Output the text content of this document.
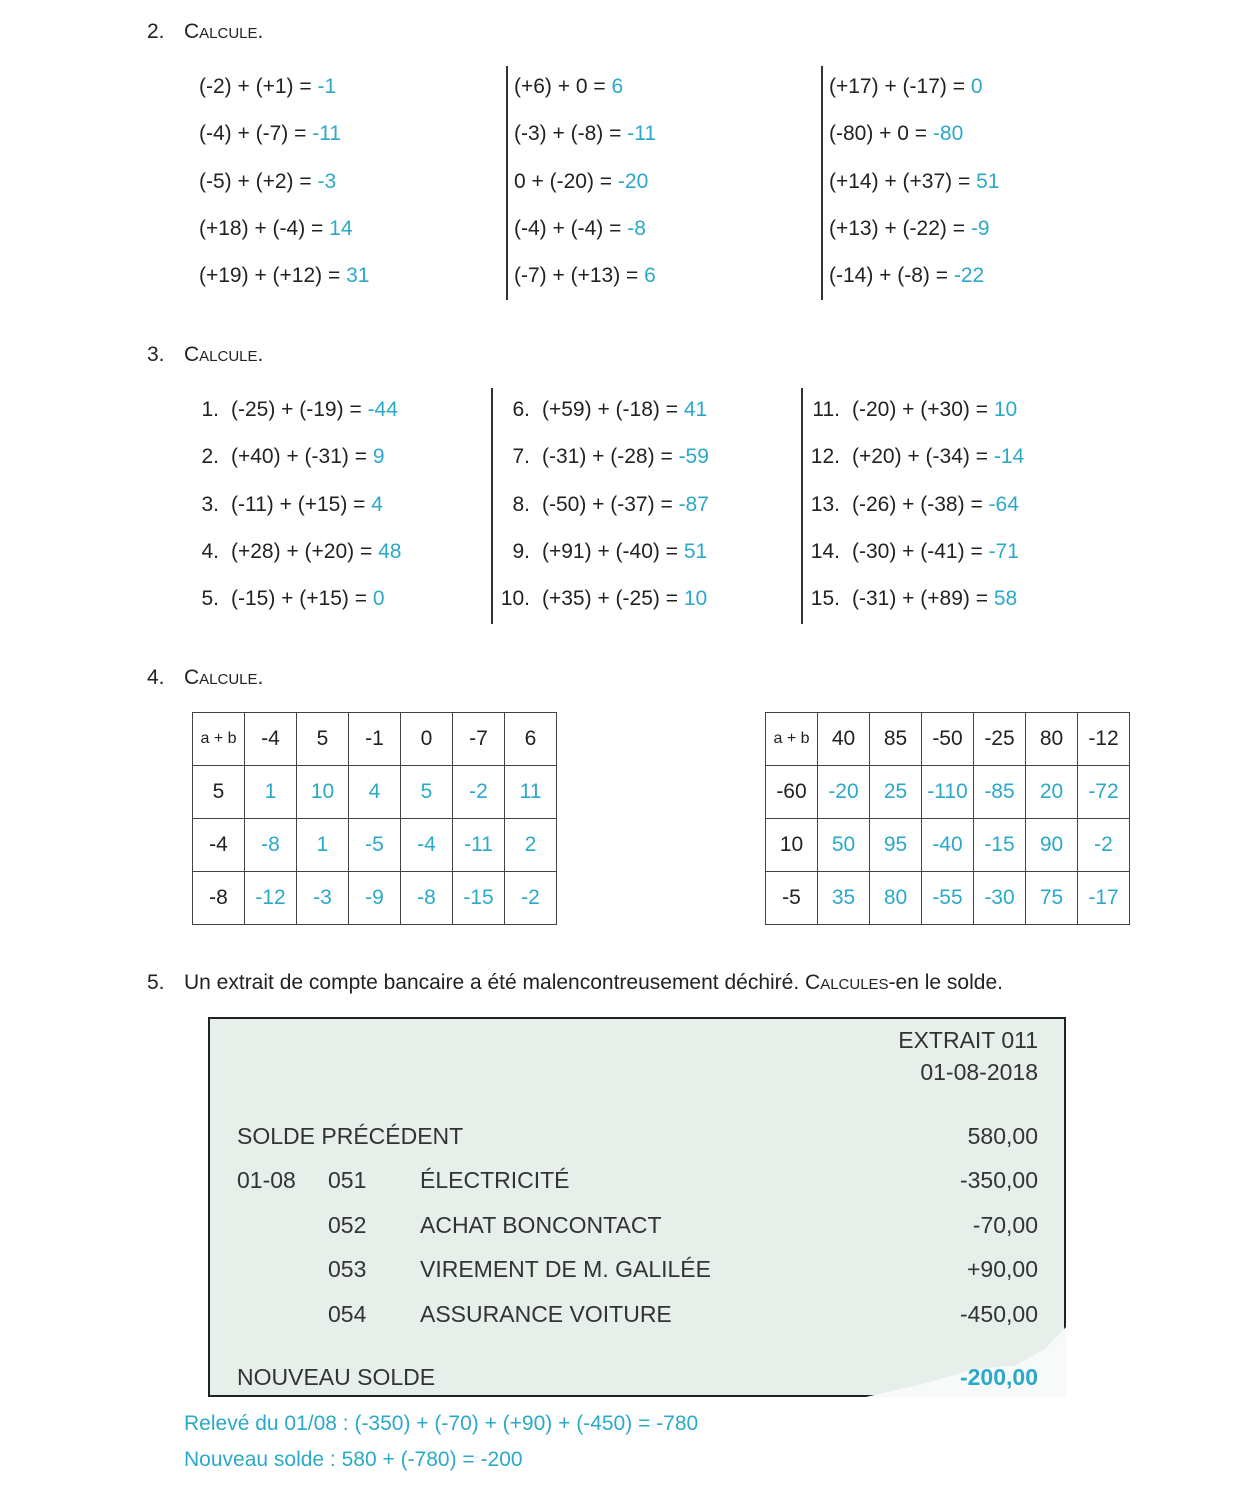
2. Calcule.
(-2) + (+1) = -1
(-4) + (-7) = -11
(-5) + (+2) = -3
(+18) + (-4) = 14
(+19) + (+12) = 31
(+6) + 0 = 6
(-3) + (-8) = -11
0 + (-20) = -20
(-4) + (-4) = -8
(-7) + (+13) = 6
(+17) + (-17) = 0
(-80) + 0 = -80
(+14) + (+37) = 51
(+13) + (-22) = -9
(-14) + (-8) = -22
3. Calcule.
1. (-25) + (-19) = -44
2. (+40) + (-31) = 9
3. (-11) + (+15) = 4
4. (+28) + (+20) = 48
5. (-15) + (+15) = 0
6. (+59) + (-18) = 41
7. (-31) + (-28) = -59
8. (-50) + (-37) = -87
9. (+91) + (-40) = 51
10. (+35) + (-25) = 10
11. (-20) + (+30) = 10
12. (+20) + (-34) = -14
13. (-26) + (-38) = -64
14. (-30) + (-41) = -71
15. (-31) + (+89) = 58
4. Calcule.
a + b	-4	5	-1	0	-7	6
5	1	10	4	5	-2	11
-4	-8	1	-5	-4	-11	2
-8	-12	-3	-9	-8	-15	-2
a + b	40	85	-50	-25	80	-12
-60	-20	25	-110	-85	20	-72
10	50	95	-40	-15	90	-2
-5	35	80	-55	-30	75	-17
5. Un extrait de compte bancaire a été malencontreusement déchiré. Calcules-en le solde.
EXTRAIT 011
01-08-2018
SOLDE PRÉCÉDENT	580,00
01-08 051 ÉLECTRICITÉ	-350,00
052 ACHAT BONCONTACT	-70,00
053 VIREMENT DE M. GALILÉE	+90,00
054 ASSURANCE VOITURE	-450,00
NOUVEAU SOLDE	-200,00
Relevé du 01/08 : (-350) + (-70) + (+90) + (-450) = -780
Nouveau solde : 580 + (-780) = -200
